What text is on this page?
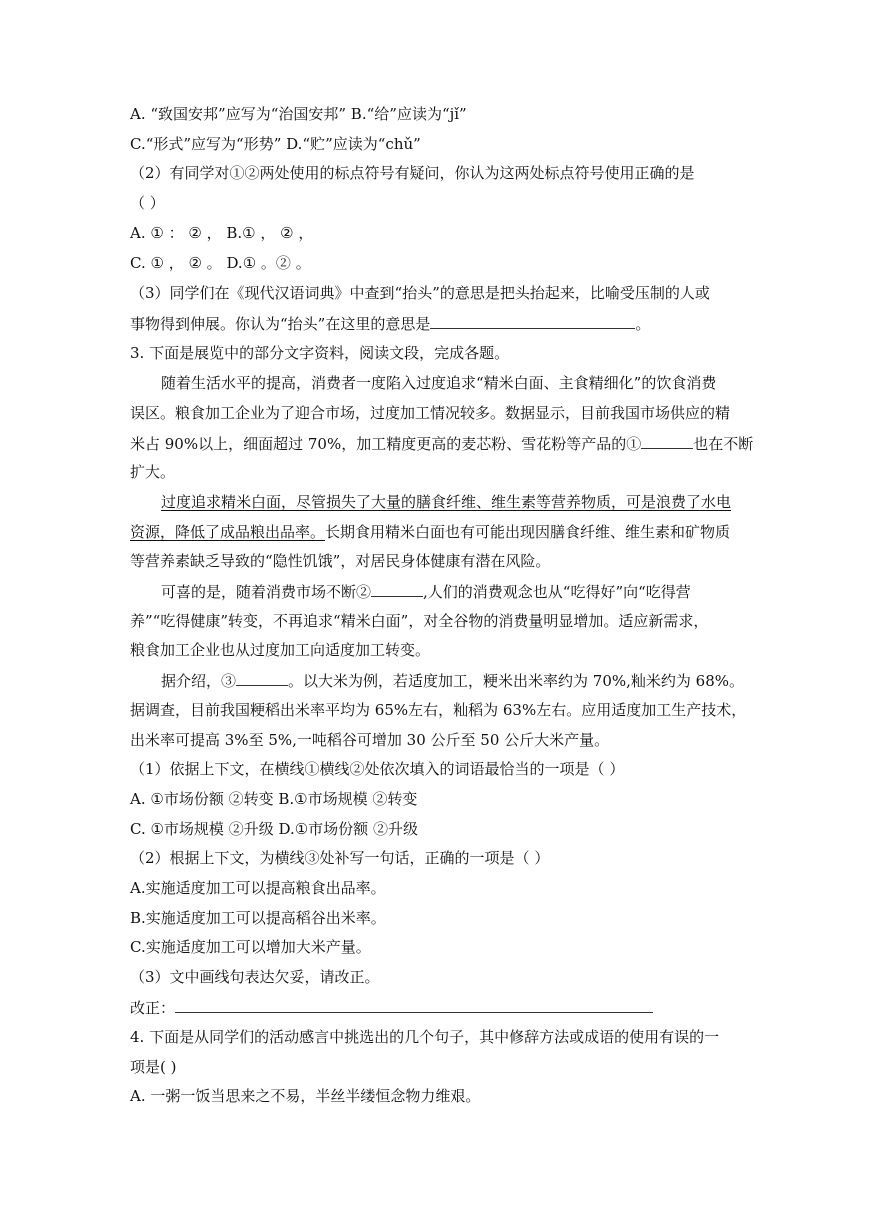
A. “致国安邦”应写为“治国安邦” B.“给”应读为“jǐ”
C.“形式”应写为“形势” D.“贮”应读为“chǔ”
（2）有同学对①②两处使用的标点符号有疑问，你认为这两处标点符号使用正确的是
（ ）
A. ① ： ② ， B.① ， ② ，
C. ① ， ② 。 D.① 。② 。
（3）同学们在《现代汉语词典》中查到“抬头”的意思是把头抬起来，比喻受压制的人或
事物得到伸展。你认为“抬头”在这里的意思是	。
3. 下面是展览中的部分文字资料，阅读文段，完成各题。
随着生活水平的提高，消费者一度陷入过度追求“精米白面、主食精细化”的饮食消费
误区。粮食加工企业为了迎合市场，过度加工情况较多。数据显示，目前我国市场供应的精
米占 90%以上，细面超过 70%，加工精度更高的麦芯粉、雪花粉等产品的①	也在不断
扩大。
过度追求精米白面，尽管损失了大量的膳食纤维、维生素等营养物质，可是浪费了水电
资源，降低了成品粮出品率。长期食用精米白面也有可能出现因膳食纤维、维生素和矿物质
等营养素缺乏导致的“隐性饥饿”，对居民身体健康有潜在风险。
可喜的是，随着消费市场不断②	,人们的消费观念也从“吃得好”向“吃得营
养”“吃得健康”转变，不再追求“精米白面”，对全谷物的消费量明显增加。适应新需求，
粮食加工企业也从过度加工向适度加工转变。
据介绍，③	。以大米为例，若适度加工，粳米出米率约为 70%,籼米约为 68%。
据调查，目前我国粳稻出米率平均为 65%左右，籼稻为 63%左右。应用适度加工生产技术，
出米率可提高 3%至 5%,一吨稻谷可增加 30 公斤至 50 公斤大米产量。
（1）依据上下文，在横线①横线②处依次填入的词语最恰当的一项是（ ）
A. ①市场份额 ②转变 B.①市场规模 ②转变
C. ①市场规模 ②升级 D.①市场份额 ②升级
（2）根据上下文，为横线③处补写一句话，正确的一项是（ ）
A.实施适度加工可以提高粮食出品率。
B.实施适度加工可以提高稻谷出米率。
C.实施适度加工可以增加大米产量。
（3）文中画线句表达欠妥，请改正。
改正：
4. 下面是从同学们的活动感言中挑选出的几个句子，其中修辞方法或成语的使用有误的一
项是( )
A. 一粥一饭当思来之不易，半丝半缕恒念物力维艰。
